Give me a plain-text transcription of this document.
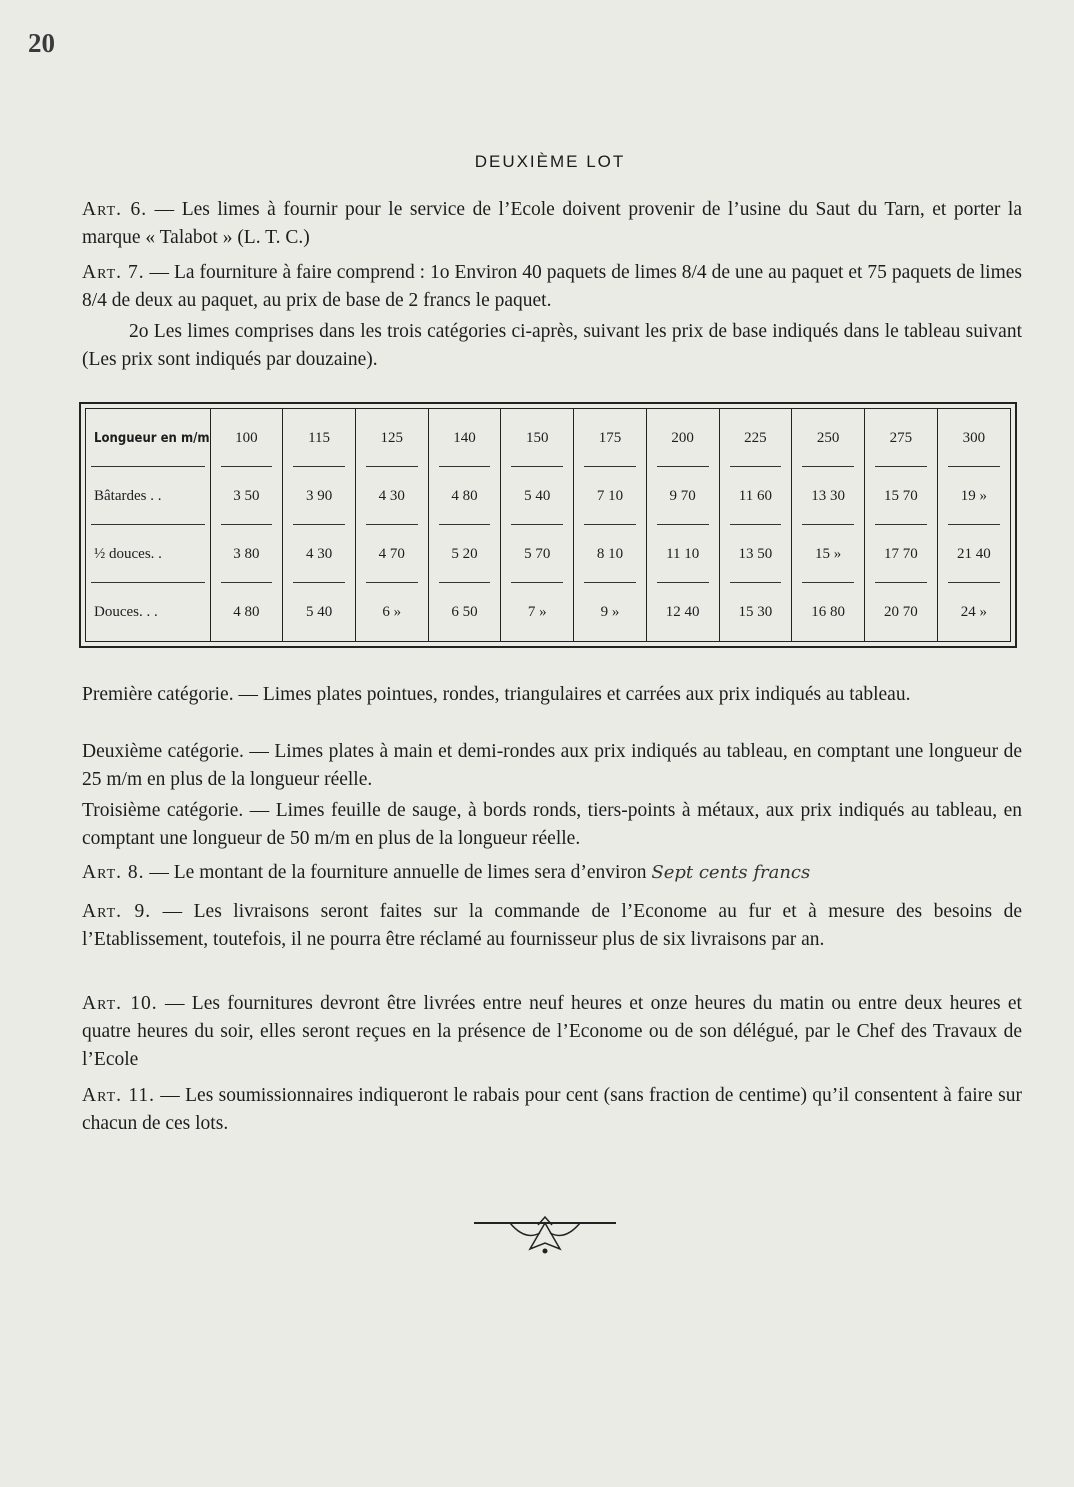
20
DEUXIÈME LOT

Art. 6. — Les limes à fournir pour le service de l’Ecole doivent provenir de l’usine du Saut du Tarn, et porter la marque « Talabot » (L. T. C.)

Art. 7. — La fourniture à faire comprend : 1o Environ 40 paquets de limes 8/4 de une au paquet et 75 paquets de limes 8/4 de deux au paquet, au prix de base de 2 francs le paquet.

2o Les limes comprises dans les trois catégories ci-après, suivant les prix de base indiqués dans le tableau suivant (Les prix sont indiqués par douzaine).

Longueur en m/m	100	115	125	140	150	175	200	225	250	275	300
Bâtardes . .	3 50	3 90	4 30	4 80	5 40	7 10	9 70	11 60	13 30	15 70	19 »
½ douces. .	3 80	4 30	4 70	5 20	5 70	8 10	11 10	13 50	15 »	17 70	21 40
Douces. . .	4 80	5 40	6 »	6 50	7 »	9 »	12 40	15 30	16 80	20 70	24 »

Première catégorie. — Limes plates pointues, rondes, triangulaires et carrées aux prix indiqués au tableau.

Deuxième catégorie. — Limes plates à main et demi-rondes aux prix indiqués au tableau, en comptant une longueur de 25 m/m en plus de la longueur réelle.

Troisième catégorie. — Limes feuille de sauge, à bords ronds, tiers-points à métaux, aux prix indiqués au tableau, en comptant une longueur de 50 m/m en plus de la longueur réelle.

Art. 8. — Le montant de la fourniture annuelle de limes sera d’environ Sept cents francs

Art. 9. — Les livraisons seront faites sur la commande de l’Econome au fur et à mesure des besoins de l’Etablissement, toutefois, il ne pourra être réclamé au fournisseur plus de six livraisons par an.

Art. 10. — Les fournitures devront être livrées entre neuf heures et onze heures du matin ou entre deux heures et quatre heures du soir, elles seront reçues en la présence de l’Econome ou de son délégué, par le Chef des Travaux de l’Ecole

Art. 11. — Les soumissionnaires indiqueront le rabais pour cent (sans fraction de centime) qu’il consentent à faire sur chacun de ces lots.
